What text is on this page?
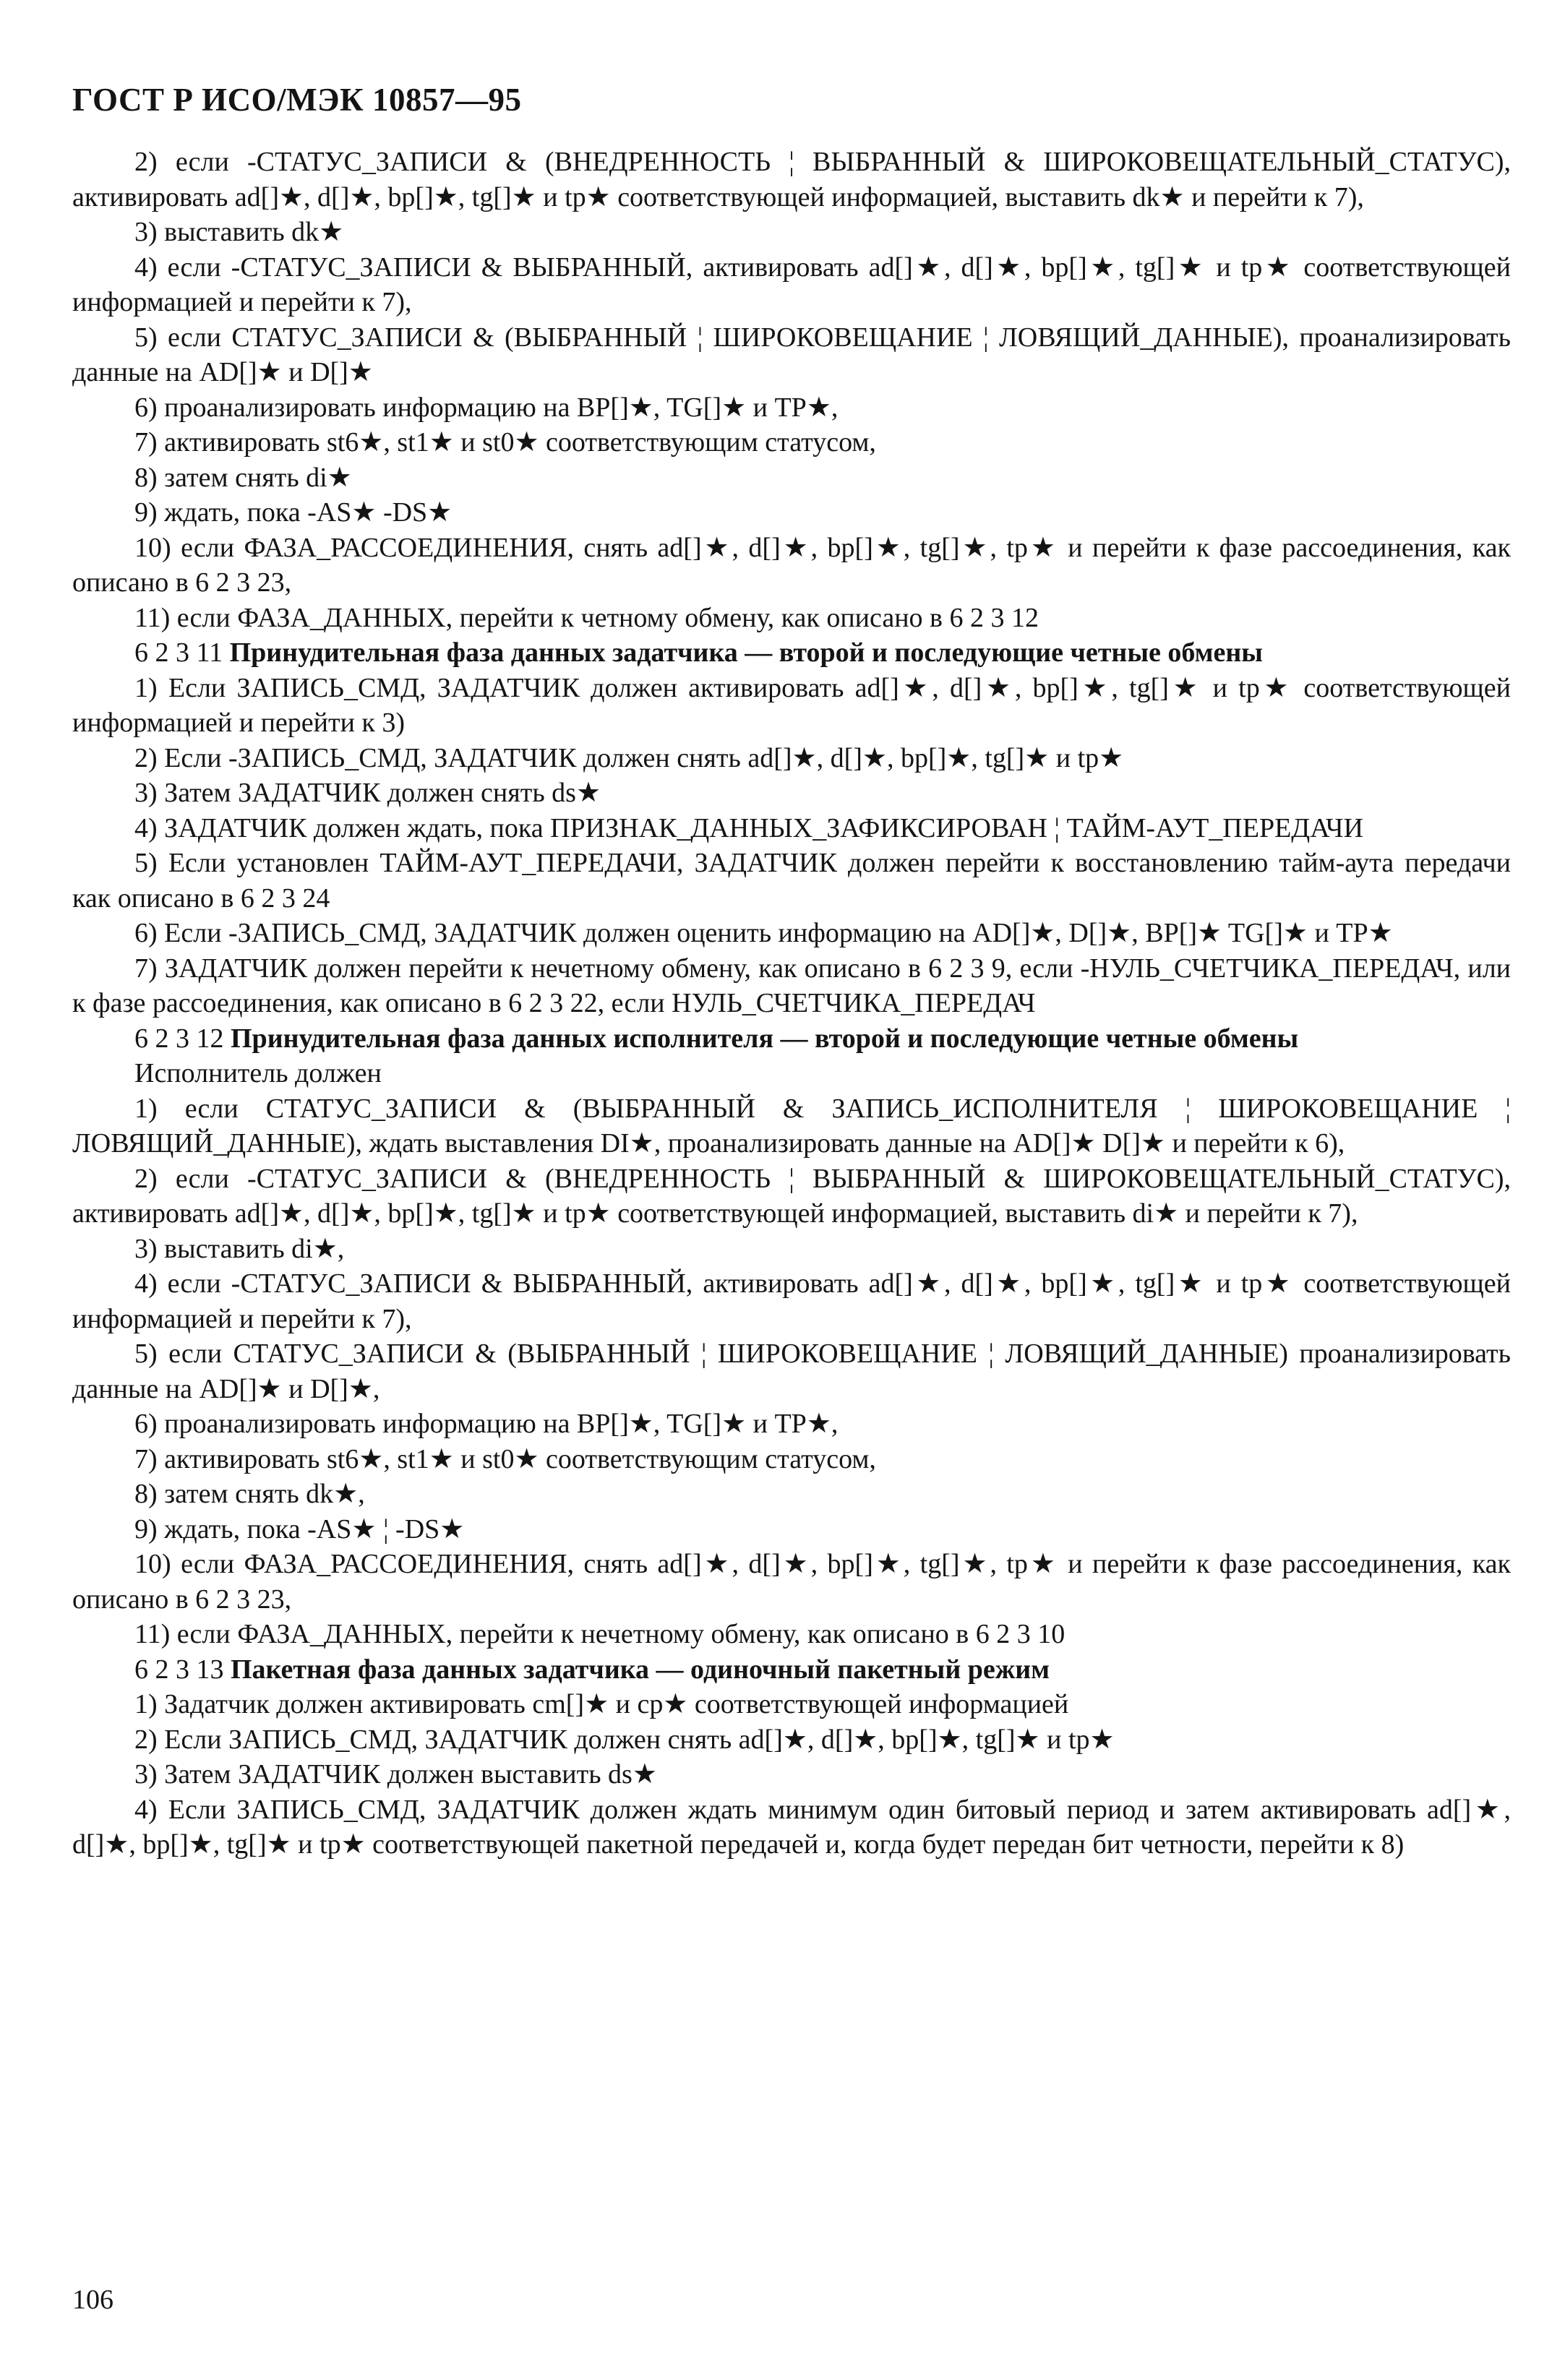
ГОСТ Р ИСО/МЭК 10857—95

2) если -СТАТУС_ЗАПИСИ & (ВНЕДРЕННОСТЬ ¦ ВЫБРАННЫЙ & ШИРОКОВЕЩАТЕЛЬНЫЙ_СТАТУС), активировать ad[]★, d[]★, bp[]★, tg[]★ и tp★ соответствующей информацией, выставить dk★ и перейти к 7),

3) выставить dk★

4) если -СТАТУС_ЗАПИСИ & ВЫБРАННЫЙ, активировать ad[]★, d[]★, bp[]★, tg[]★ и tp★ соответствующей информацией и перейти к 7),

5) если СТАТУС_ЗАПИСИ & (ВЫБРАННЫЙ ¦ ШИРОКОВЕЩАНИЕ ¦ ЛОВЯЩИЙ_ДАННЫЕ), проанализировать данные на AD[]★ и D[]★

6) проанализировать информацию на BP[]★, TG[]★ и TP★,

7) активировать st6★, st1★ и st0★ соответствующим статусом,

8) затем снять di★

9) ждать, пока -AS★ -DS★

10) если ФАЗА_РАССОЕДИНЕНИЯ, снять ad[]★, d[]★, bp[]★, tg[]★, tp★ и перейти к фазе рассоединения, как описано в 6 2 3 23,

11) если ФАЗА_ДАННЫХ, перейти к четному обмену, как описано в 6 2 3 12

6 2 3 11 Принудительная фаза данных задатчика — второй и последующие четные обмены

1) Если ЗАПИСЬ_СМД, ЗАДАТЧИК должен активировать ad[]★, d[]★, bp[]★, tg[]★ и tp★ соответствующей информацией и перейти к 3)

2) Если -ЗАПИСЬ_СМД, ЗАДАТЧИК должен снять ad[]★, d[]★, bp[]★, tg[]★ и tp★

3) Затем ЗАДАТЧИК должен снять ds★

4) ЗАДАТЧИК должен ждать, пока ПРИЗНАК_ДАННЫХ_ЗАФИКСИРОВАН ¦ ТАЙМ-АУТ_ПЕРЕДАЧИ

5) Если установлен ТАЙМ-АУТ_ПЕРЕДАЧИ, ЗАДАТЧИК должен перейти к восстановлению тайм-аута передачи как описано в 6 2 3 24

6) Если -ЗАПИСЬ_СМД, ЗАДАТЧИК должен оценить информацию на AD[]★, D[]★, BP[]★ TG[]★ и TP★

7) ЗАДАТЧИК должен перейти к нечетному обмену, как описано в 6 2 3 9, если -НУЛЬ_СЧЕТЧИКА_ПЕРЕДАЧ, или к фазе рассоединения, как описано в 6 2 3 22, если НУЛЬ_СЧЕТЧИКА_ПЕРЕДАЧ

6 2 3 12 Принудительная фаза данных исполнителя — второй и последующие четные обмены

Исполнитель должен

1) если СТАТУС_ЗАПИСИ & (ВЫБРАННЫЙ & ЗАПИСЬ_ИСПОЛНИТЕЛЯ ¦ ШИРОКОВЕЩАНИЕ ¦ ЛОВЯЩИЙ_ДАННЫЕ), ждать выставления DI★, проанализировать данные на AD[]★ D[]★ и перейти к 6),

2) если -СТАТУС_ЗАПИСИ & (ВНЕДРЕННОСТЬ ¦ ВЫБРАННЫЙ & ШИРОКОВЕЩАТЕЛЬНЫЙ_СТАТУС), активировать ad[]★, d[]★, bp[]★, tg[]★ и tp★ соответствующей информацией, выставить di★ и перейти к 7),

3) выставить di★,

4) если -СТАТУС_ЗАПИСИ & ВЫБРАННЫЙ, активировать ad[]★, d[]★, bp[]★, tg[]★ и tp★ соответствующей информацией и перейти к 7),

5) если СТАТУС_ЗАПИСИ & (ВЫБРАННЫЙ ¦ ШИРОКОВЕЩАНИЕ ¦ ЛОВЯЩИЙ_ДАННЫЕ) проанализировать данные на AD[]★ и D[]★,

6) проанализировать информацию на BP[]★, TG[]★ и TP★,

7) активировать st6★, st1★ и st0★ соответствующим статусом,

8) затем снять dk★,

9) ждать, пока -AS★ ¦ -DS★

10) если ФАЗА_РАССОЕДИНЕНИЯ, снять ad[]★, d[]★, bp[]★, tg[]★, tp★ и перейти к фазе рассоединения, как описано в 6 2 3 23,

11) если ФАЗА_ДАННЫХ, перейти к нечетному обмену, как описано в 6 2 3 10

6 2 3 13 Пакетная фаза данных задатчика — одиночный пакетный режим

1) Задатчик должен активировать cm[]★ и cp★ соответствующей информацией

2) Если ЗАПИСЬ_СМД, ЗАДАТЧИК должен снять ad[]★, d[]★, bp[]★, tg[]★ и tp★

3) Затем ЗАДАТЧИК должен выставить ds★

4) Если ЗАПИСЬ_СМД, ЗАДАТЧИК должен ждать минимум один битовый период и затем активировать ad[]★, d[]★, bp[]★, tg[]★ и tp★ соответствующей пакетной передачей и, когда будет передан бит четности, перейти к 8)

106
